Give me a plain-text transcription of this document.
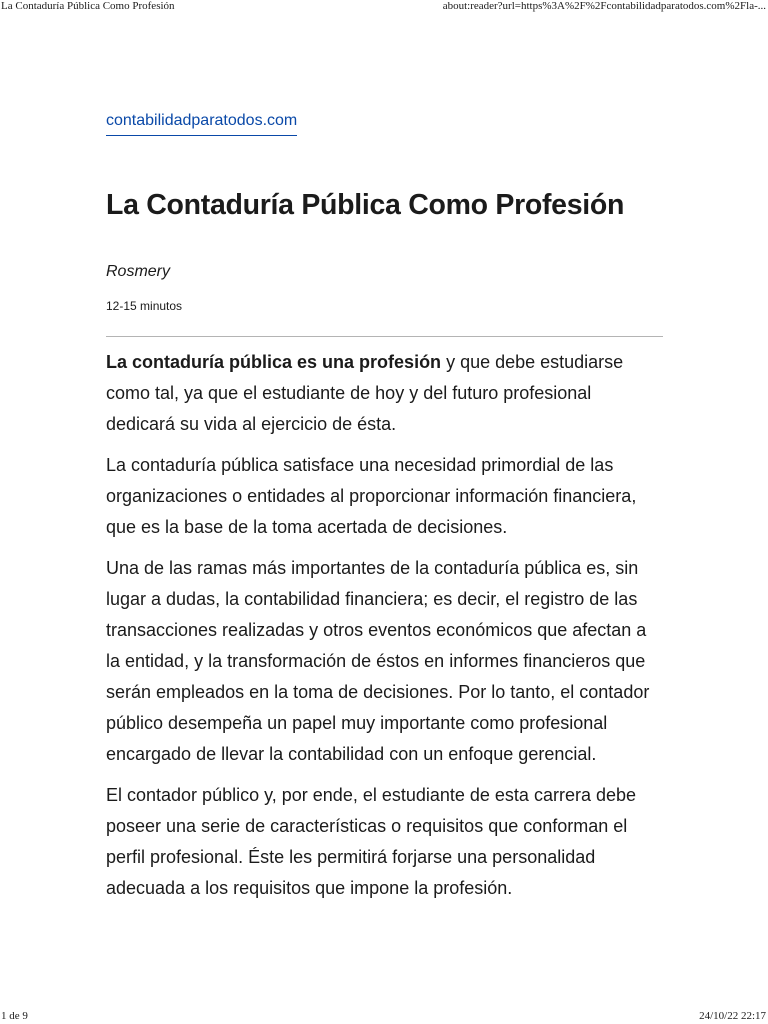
La Contaduría Pública Como Profesión	about:reader?url=https%3A%2F%2Fcontabilidadparatodos.com%2Fla-...
contabilidadparatodos.com
La Contaduría Pública Como Profesión
Rosmery
12-15 minutos

La contaduría pública es una profesión y que debe estudiarse como tal, ya que el estudiante de hoy y del futuro profesional dedicará su vida al ejercicio de ésta.

La contaduría pública satisface una necesidad primordial de las organizaciones o entidades al proporcionar información financiera, que es la base de la toma acertada de decisiones.

Una de las ramas más importantes de la contaduría pública es, sin lugar a dudas, la contabilidad financiera; es decir, el registro de las transacciones realizadas y otros eventos económicos que afectan a la entidad, y la transformación de éstos en informes financieros que serán empleados en la toma de decisiones. Por lo tanto, el contador público desempeña un papel muy importante como profesional encargado de llevar la contabilidad con un enfoque gerencial.

El contador público y, por ende, el estudiante de esta carrera debe poseer una serie de características o requisitos que conforman el perfil profesional. Éste les permitirá forjarse una personalidad adecuada a los requisitos que impone la profesión.

1 de 9	24/10/22 22:17
